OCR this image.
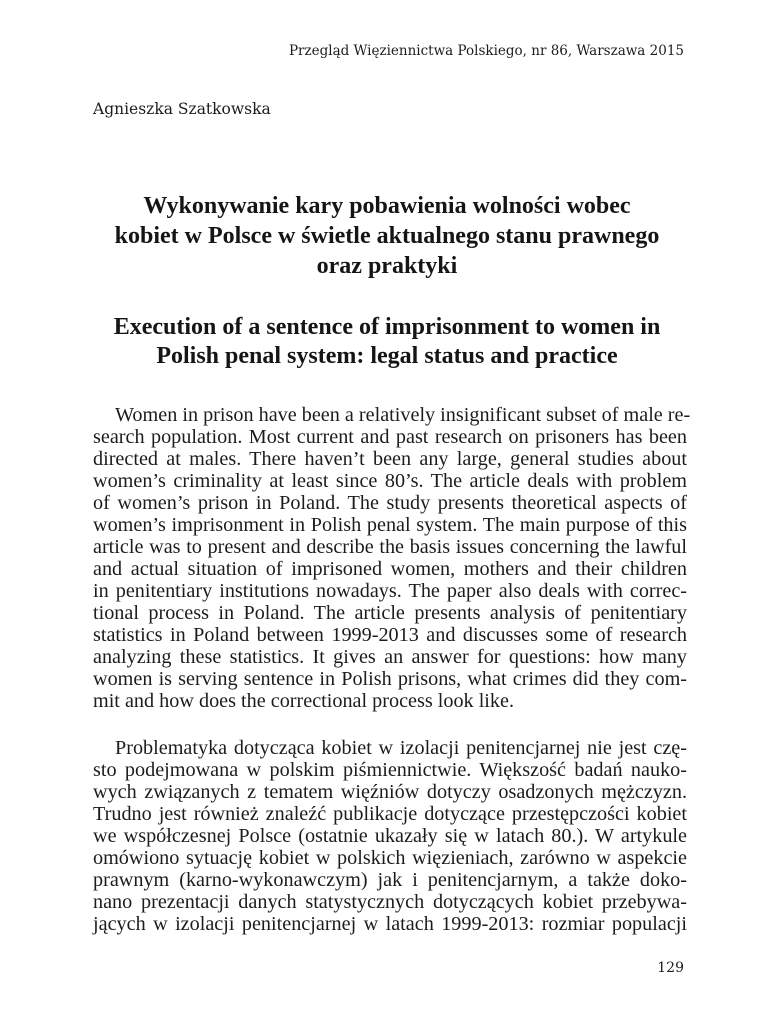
Przegląd Więziennictwa Polskiego, nr 86, Warszawa 2015
Agnieszka Szatkowska
Wykonywanie kary pobawienia wolności wobec
kobiet w Polsce w świetle aktualnego stanu prawnego
oraz praktyki
Execution of a sentence of imprisonment to women in
Polish penal system: legal status and practice
Women in prison have been a relatively insignificant subset of male re-
search population. Most current and past research on prisoners has been
directed at males. There haven’t been any large, general studies about
women’s criminality at least since 80’s. The article deals with problem
of women’s prison in Poland. The study presents theoretical aspects of
women’s imprisonment in Polish penal system. The main purpose of this
article was to present and describe the basis issues concerning the lawful
and actual situation of imprisoned women, mothers and their children
in penitentiary institutions nowadays. The paper also deals with correc-
tional process in Poland. The article presents analysis of penitentiary
statistics in Poland between 1999-2013 and discusses some of research
analyzing these statistics. It gives an answer for questions: how many
women is serving sentence in Polish prisons, what crimes did they com-
mit and how does the correctional process look like.
Problematyka dotycząca kobiet w izolacji penitencjarnej nie jest czę-
sto podejmowana w polskim piśmiennictwie. Większość badań nauko-
wych związanych z tematem więźniów dotyczy osadzonych mężczyzn.
Trudno jest również znaleźć publikacje dotyczące przestępczości kobiet
we współczesnej Polsce (ostatnie ukazały się w latach 80.). W artykule
omówiono sytuację kobiet w polskich więzieniach, zarówno w aspekcie
prawnym (karno-wykonawczym) jak i penitencjarnym, a także doko-
nano prezentacji danych statystycznych dotyczących kobiet przebywa-
jących w izolacji penitencjarnej w latach 1999-2013: rozmiar populacji
129
